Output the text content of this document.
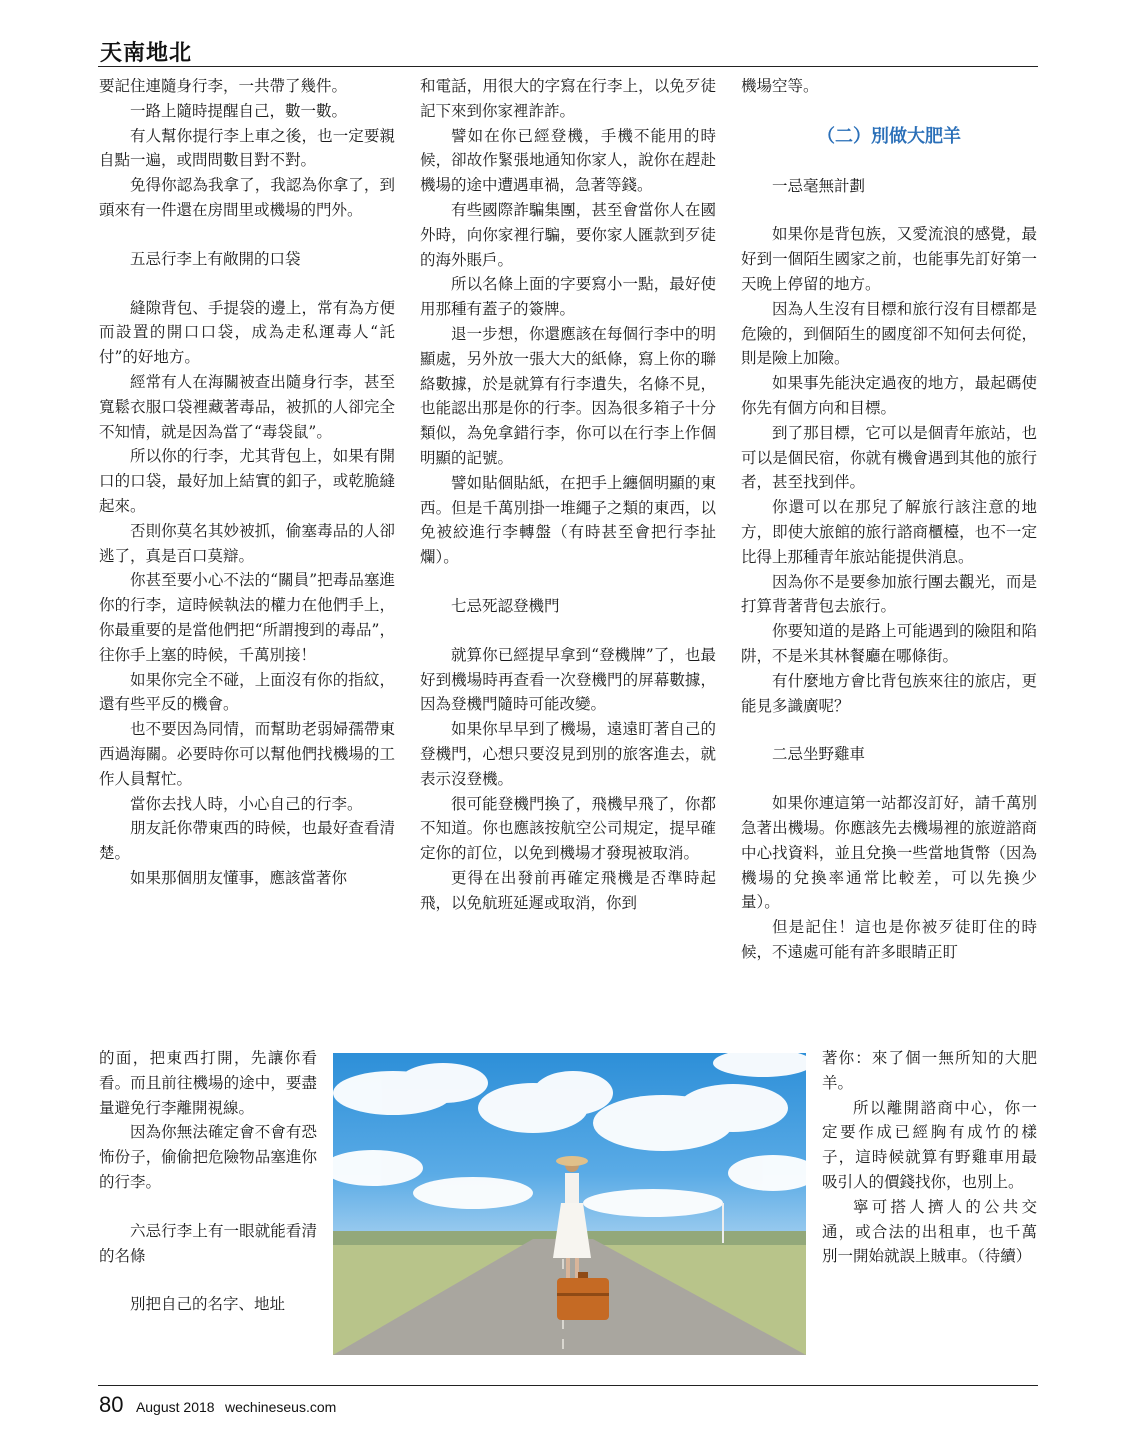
天南地北

要記住連隨身行李，一共帶了幾件。

一路上隨時提醒自己，數一數。

有人幫你提行李上車之後，也一定要親自點一遍，或問問數目對不對。

免得你認為我拿了，我認為你拿了，到頭來有一件還在房間里或機場的門外。

五忌行李上有敞開的口袋

縫隙背包、手提袋的邊上，常有為方便而設置的開口口袋，成為走私運毒人“託付”的好地方。

經常有人在海關被查出隨身行李，甚至寬鬆衣服口袋裡藏著毒品，被抓的人卻完全不知情，就是因為當了“毒袋鼠”。

所以你的行李，尤其背包上，如果有開口的口袋，最好加上結實的釦子，或乾脆縫起來。

否則你莫名其妙被抓，偷塞毒品的人卻逃了，真是百口莫辯。

你甚至要小心不法的“關員”把毒品塞進你的行李，這時候執法的權力在他們手上，你最重要的是當他們把“所謂搜到的毒品”，往你手上塞的時候，千萬別接！

如果你完全不碰，上面沒有你的指紋，還有些平反的機會。

也不要因為同情，而幫助老弱婦孺帶東西過海關。必要時你可以幫他們找機場的工作人員幫忙。

當你去找人時，小心自己的行李。

朋友託你帶東西的時候，也最好查看清楚。

如果那個朋友懂事，應該當著你

的面，把東西打開，先讓你看看。而且前往機場的途中，要盡量避免行李離開視線。

因為你無法確定會不會有恐怖份子，偷偷把危險物品塞進你的行李。

六忌行李上有一眼就能看清的名條

別把自己的名字、地址

和電話，用很大的字寫在行李上，以免歹徒記下來到你家裡詐詐。

譬如在你已經登機，手機不能用的時候，卻故作緊張地通知你家人，說你在趕赴機場的途中遭遇車禍，急著等錢。

有些國際詐騙集團，甚至會當你人在國外時，向你家裡行騙，要你家人匯款到歹徒的海外賬戶。

所以名條上面的字要寫小一點，最好使用那種有蓋子的簽牌。

退一步想，你還應該在每個行李中的明顯處，另外放一張大大的紙條，寫上你的聯絡數據，於是就算有行李遺失，名條不見，也能認出那是你的行李。因為很多箱子十分類似，為免拿錯行李，你可以在行李上作個明顯的記號。

譬如貼個貼紙，在把手上纏個明顯的東西。但是千萬別掛一堆繩子之類的東西，以免被絞進行李轉盤（有時甚至會把行李扯爛）。

七忌死認登機門

就算你已經提早拿到“登機牌”了，也最好到機場時再查看一次登機門的屏幕數據，因為登機門隨時可能改變。

如果你早早到了機場，遠遠盯著自己的登機門，心想只要沒見到別的旅客進去，就表示沒登機。

很可能登機門換了，飛機早飛了，你都不知道。你也應該按航空公司規定，提早確定你的訂位，以免到機場才發現被取消。

更得在出發前再確定飛機是否準時起飛，以免航班延遲或取消，你到

機場空等。

（二）別做大肥羊

一忌毫無計劃

如果你是背包族，又愛流浪的感覺，最好到一個陌生國家之前，也能事先訂好第一天晚上停留的地方。

因為人生沒有目標和旅行沒有目標都是危險的，到個陌生的國度卻不知何去何從，則是險上加險。

如果事先能決定過夜的地方，最起碼使你先有個方向和目標。

到了那目標，它可以是個青年旅站，也可以是個民宿，你就有機會遇到其他的旅行者，甚至找到伴。

你還可以在那兒了解旅行該注意的地方，即使大旅館的旅行諮商櫃檯，也不一定比得上那種青年旅站能提供消息。

因為你不是要參加旅行團去觀光，而是打算背著背包去旅行。

你要知道的是路上可能遇到的險阻和陷阱，不是米其林餐廳在哪條街。

有什麼地方會比背包族來往的旅店，更能見多識廣呢？

二忌坐野雞車

如果你連這第一站都沒訂好，請千萬別急著出機場。你應該先去機場裡的旅遊諮商中心找資料，並且兌換一些當地貨幣（因為機場的兌換率通常比較差，可以先換少量）。

但是記住！這也是你被歹徒盯住的時候，不遠處可能有許多眼睛正盯

著你：來了個一無所知的大肥羊。

所以離開諮商中心，你一定要作成已經胸有成竹的樣子，這時候就算有野雞車用最吸引人的價錢找你，也別上。

寧可搭人擠人的公共交通，或合法的出租車，也千萬別一開始就誤上賊車。（待續）

80 August 2018 wechineseus.com
